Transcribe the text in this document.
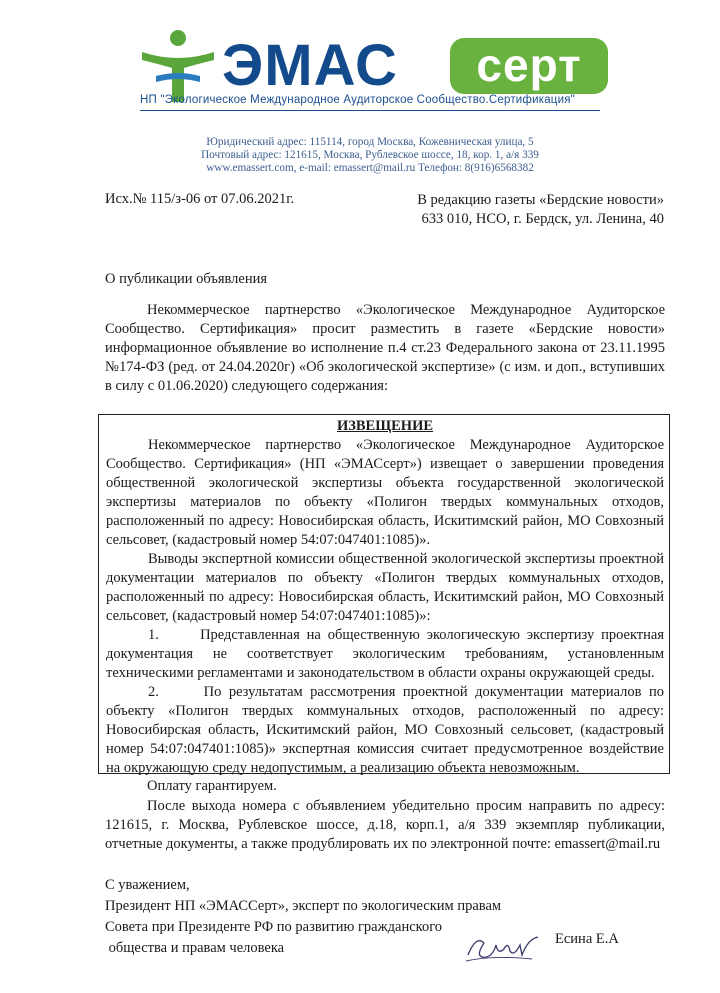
ЭМАС	серт
НП "Экологическое Международное Аудиторское Сообщество.Сертификация"
Юридический адрес: 115114, город Москва, Кожевническая улица, 5
Почтовый адрес: 121615, Москва, Рублевское шоссе, 18, кор. 1, а/я 339
www.emassert.com, e-mail: emassert@mail.ru Телефон: 8(916)6568382
Исх.№ 115/з-06 от 07.06.2021г.	В редакцию газеты «Бердские новости»
633 010, НСО, г. Бердск, ул. Ленина, 40
О публикации объявления
Некоммерческое партнерство «Экологическое Международное Аудиторское Сообщество. Сертификация» просит разместить в газете «Бердские новости» информационное объявление во исполнение п.4 ст.23 Федерального закона от 23.11.1995 №174-ФЗ (ред. от 24.04.2020г) «Об экологической экспертизе» (с изм. и доп., вступивших в силу с 01.06.2020) следующего содержания:

ИЗВЕЩЕНИЕ

Некоммерческое партнерство «Экологическое Международное Аудиторское Сообщество. Сертификация» (НП «ЭМАСсерт») извещает о завершении проведения общественной экологической экспертизы объекта государственной экологической экспертизы материалов по объекту «Полигон твердых коммунальных отходов, расположенный по адресу: Новосибирская область, Искитимский район, МО Совхозный сельсовет, (кадастровый номер 54:07:047401:1085)».

Выводы экспертной комиссии общественной экологической экспертизы проектной документации материалов по объекту «Полигон твердых коммунальных отходов, расположенный по адресу: Новосибирская область, Искитимский район, МО Совхозный сельсовет, (кадастровый номер 54:07:047401:1085)»:

1.      Представленная на общественную экологическую экспертизу проектная документация не соответствует экологическим требованиям, установленным техническими регламентами и законодательством в области охраны окружающей среды.

2.      По результатам рассмотрения проектной документации материалов по объекту «Полигон твердых коммунальных отходов, расположенный по адресу: Новосибирская область, Искитимский район, МО Совхозный сельсовет, (кадастровый номер 54:07:047401:1085)» экспертная комиссия считает предусмотренное воздействие на окружающую среду недопустимым, а реализацию объекта невозможным.

Оплату гарантируем.
После выхода номера с объявлением убедительно просим направить по адресу: 121615, г. Москва, Рублевское шоссе, д.18, корп.1, а/я 339 экземпляр публикации, отчетные документы, а также продублировать их по электронной почте: emassert@mail.ru
С уважением,
Президент НП «ЭМАССерт», эксперт по экологическим правам
Совета при Президенте РФ по развитию гражданского
общества и правам человека
Есина Е.А
